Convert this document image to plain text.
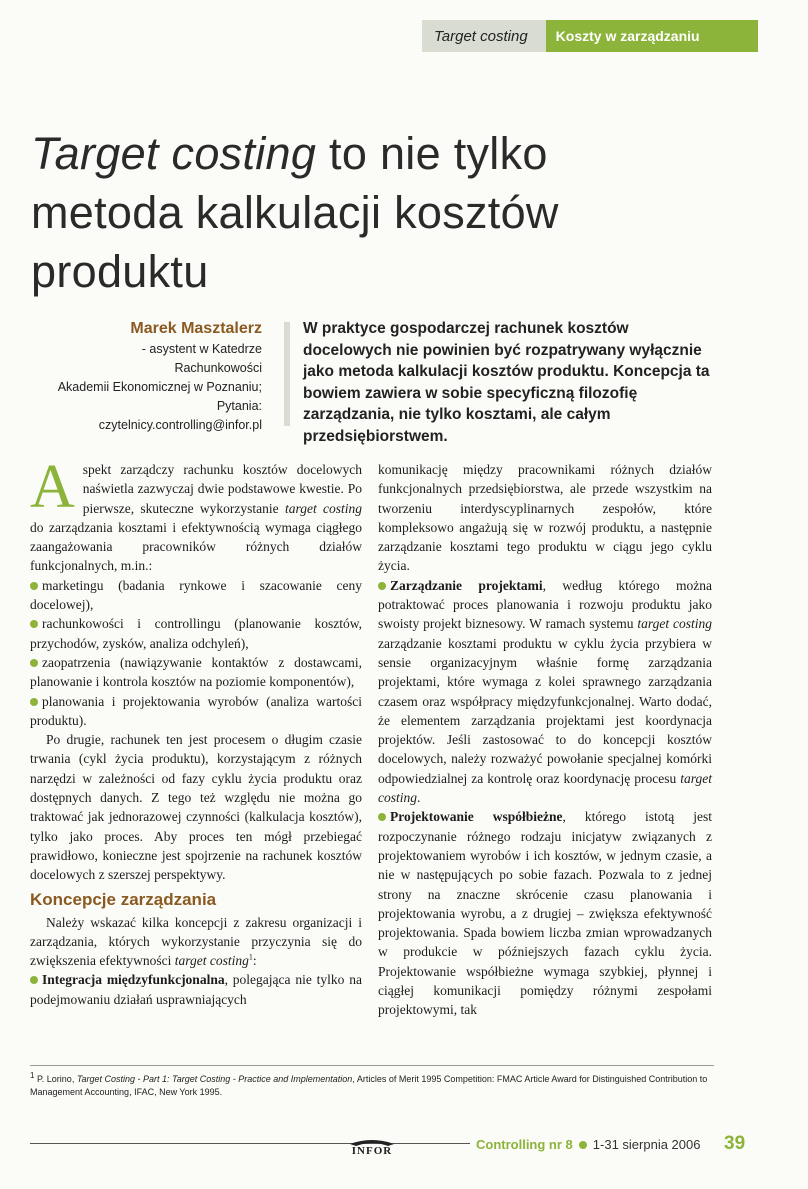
Target costing	Koszty w zarządzaniu
Target costing to nie tylko metoda kalkulacji kosztów produktu
Marek Masztalerz
- asystent w Katedrze
Rachunkowości
Akademii Ekonomicznej w Poznaniu;
Pytania:
czytelnicy.controlling@infor.pl

W praktyce gospodarczej rachunek kosztów docelowych nie powinien być rozpatrywany wyłącznie jako metoda kalkulacji kosztów produktu. Koncepcja ta bowiem zawiera w sobie specyficzną filozofię zarządzania, nie tylko kosztami, ale całym przedsiębiorstwem.

Aspekt zarządczy rachunku kosztów docelowych naświetla zazwyczaj dwie podstawowe kwestie. Po pierwsze, skuteczne wykorzystanie target costing do zarządzania kosztami i efektywnością wymaga ciągłego zaangażowania pracowników różnych działów funkcjonalnych, m.in.:

marketingu (badania rynkowe i szacowanie ceny docelowej),

rachunkowości i controllingu (planowanie kosztów, przychodów, zysków, analiza odchyleń),

zaopatrzenia (nawiązywanie kontaktów z dostawcami, planowanie i kontrola kosztów na poziomie komponentów),

planowania i projektowania wyrobów (analiza wartości produktu).

Po drugie, rachunek ten jest procesem o długim czasie trwania (cykl życia produktu), korzystającym z różnych narzędzi w zależności od fazy cyklu życia produktu oraz dostępnych danych. Z tego też względu nie można go traktować jak jednorazowej czynności (kalkulacja kosztów), tylko jako proces. Aby proces ten mógł przebiegać prawidłowo, konieczne jest spojrzenie na rachunek kosztów docelowych z szerszej perspektywy.

Koncepcje zarządzania

Należy wskazać kilka koncepcji z zakresu organizacji i zarządzania, których wykorzystanie przyczynia się do zwiększenia efektywności target costing$^1$:

Integracja międzyfunkcjonalna, polegająca nie tylko na podejmowaniu działań usprawniających

komunikację między pracownikami różnych działów funkcjonalnych przedsiębiorstwa, ale przede wszystkim na tworzeniu interdyscyplinarnych zespołów, które kompleksowo angażują się w rozwój produktu, a następnie zarządzanie kosztami tego produktu w ciągu jego cyklu życia.

Zarządzanie projektami, według którego można potraktować proces planowania i rozwoju produktu jako swoisty projekt biznesowy. W ramach systemu target costing zarządzanie kosztami produktu w cyklu życia przybiera w sensie organizacyjnym właśnie formę zarządzania projektami, które wymaga z kolei sprawnego zarządzania czasem oraz współpracy międzyfunkcjonalnej. Warto dodać, że elementem zarządzania projektami jest koordynacja projektów. Jeśli zastosować to do koncepcji kosztów docelowych, należy rozważyć powołanie specjalnej komórki odpowiedzialnej za kontrolę oraz koordynację procesu target costing.

Projektowanie współbieżne, którego istotą jest rozpoczynanie różnego rodzaju inicjatyw związanych z projektowaniem wyrobów i ich kosztów, w jednym czasie, a nie w następujących po sobie fazach. Pozwala to z jednej strony na znaczne skrócenie czasu planowania i projektowania wyrobu, a z drugiej – zwiększa efektywność projektowania. Spada bowiem liczba zmian wprowadzanych w produkcie w późniejszych fazach cyklu życia. Projektowanie współbieżne wymaga szybkiej, płynnej i ciągłej komunikacji pomiędzy różnymi zespołami projektowymi, tak

$^1$ P. Lorino, Target Costing - Part 1: Target Costing - Practice and Implementation, Articles of Merit 1995 Competition: FMAC Article Award for Distinguished Contribution to Management Accounting, IFAC, New York 1995.
INFOR	Controlling nr 8 1-31 sierpnia 2006 39
